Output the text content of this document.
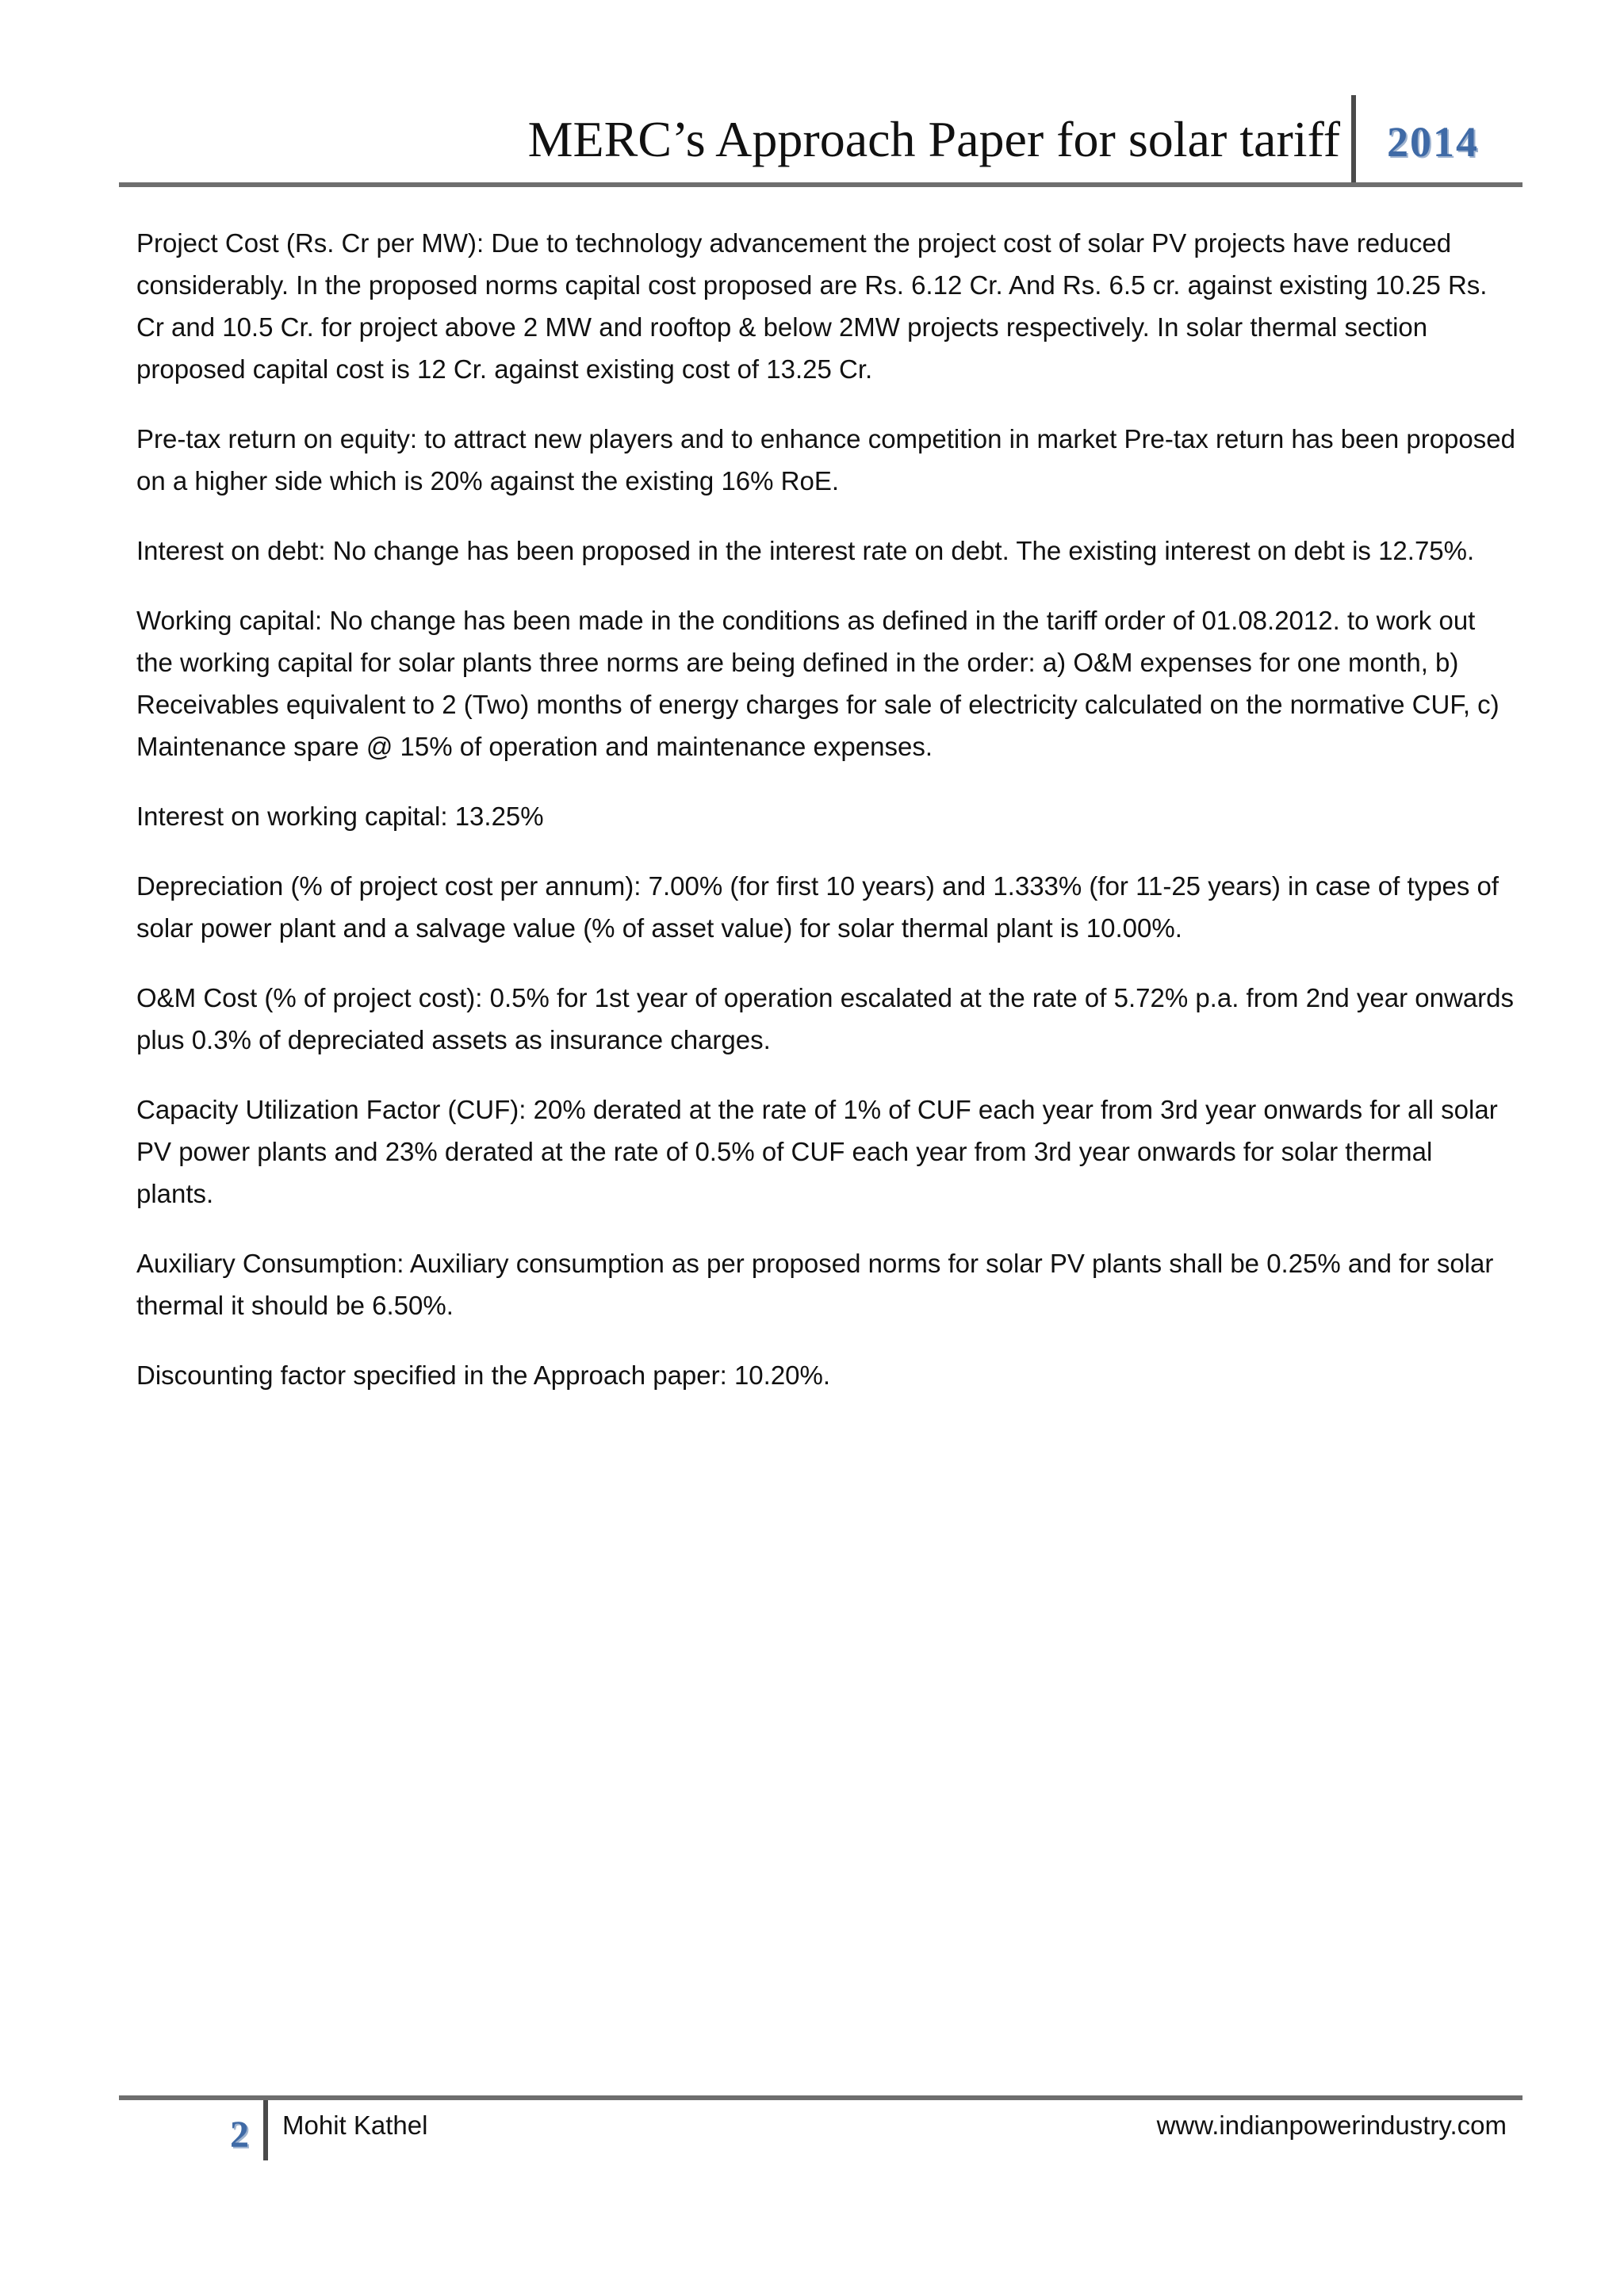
MERC’s Approach Paper for solar tariff 2014

Project Cost (Rs. Cr per MW): Due to technology advancement the project cost of solar PV projects have reduced considerably. In the proposed norms capital cost proposed are Rs. 6.12 Cr. And Rs. 6.5 cr. against existing 10.25 Rs. Cr and 10.5 Cr. for project above 2 MW and rooftop & below 2MW projects respectively. In solar thermal section proposed capital cost is 12 Cr. against existing cost of 13.25 Cr.

Pre-tax return on equity: to attract new players and to enhance competition in market Pre-tax return has been proposed on a higher side which is 20% against the existing 16% RoE.

Interest on debt: No change has been proposed in the interest rate on debt. The existing interest on debt is 12.75%.

Working capital: No change has been made in the conditions as defined in the tariff order of 01.08.2012. to work out the working capital for solar plants three norms are being defined in the order: a) O&M expenses for one month, b) Receivables equivalent to 2 (Two) months of energy charges for sale of electricity calculated on the normative CUF, c) Maintenance spare @ 15% of operation and maintenance expenses.

Interest on working capital: 13.25%

Depreciation (% of project cost per annum): 7.00% (for first 10 years) and 1.333% (for 11-25 years) in case of types of solar power plant and a salvage value (% of asset value) for solar thermal plant is 10.00%.

O&M Cost (% of project cost): 0.5% for 1st year of operation escalated at the rate of 5.72% p.a. from 2nd year onwards plus 0.3% of depreciated assets as insurance charges.

Capacity Utilization Factor (CUF): 20% derated at the rate of 1% of CUF each year from 3rd year onwards for all solar PV power plants and 23% derated at the rate of 0.5% of CUF each year from 3rd year onwards for solar thermal plants.

Auxiliary Consumption: Auxiliary consumption as per proposed norms for solar PV plants shall be 0.25% and for solar thermal it should be 6.50%.

Discounting factor specified in the Approach paper: 10.20%.

2 Mohit Kathel	www.indianpowerindustry.com
